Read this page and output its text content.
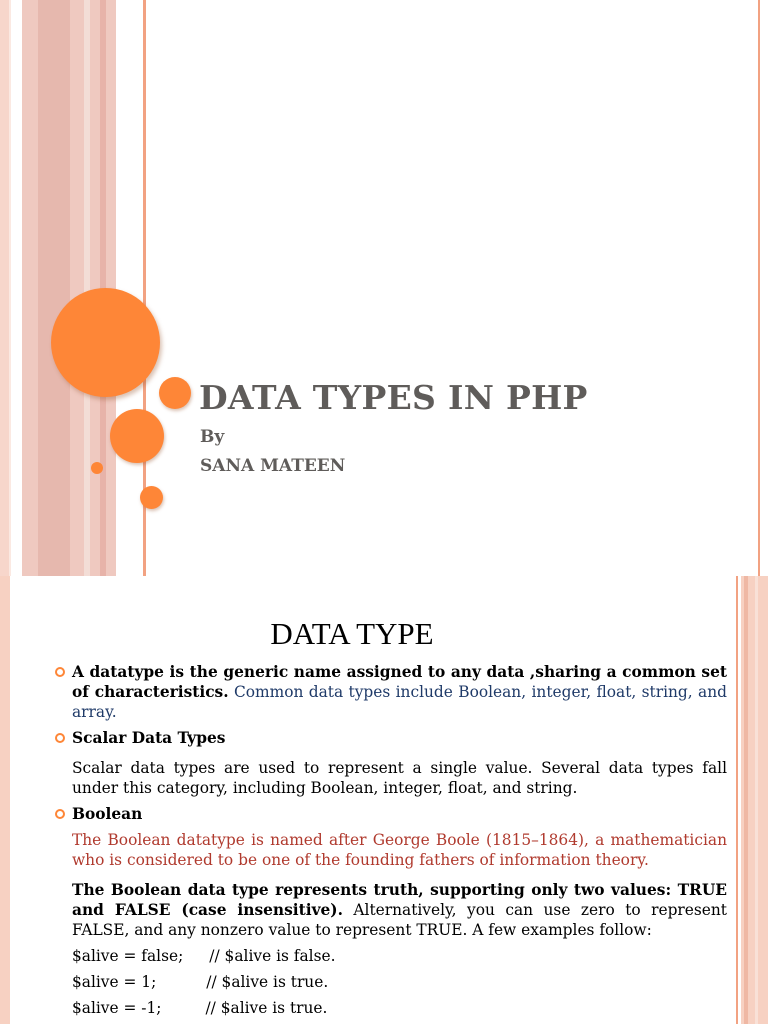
DATA TYPES IN PHP

By

SANA MATEEN

DATA TYPE

A datatype is the generic name assigned to any data ,sharing a common set of characteristics. Common data types include Boolean, integer, float, string, and array.

Scalar Data Types

Scalar data types are used to represent a single value. Several data types fall under this category, including Boolean, integer, float, and string.

Boolean

The Boolean datatype is named after George Boole (1815–1864), a mathematician who is considered to be one of the founding fathers of information theory.

The Boolean data type represents truth, supporting only two values: TRUE and FALSE (case insensitive). Alternatively, you can use zero to represent FALSE, and any nonzero value to represent TRUE. A few examples follow:

$alive = false; // $alive is false.

$alive = 1;	// $alive is true.

$alive = -1;	// $alive is true.
